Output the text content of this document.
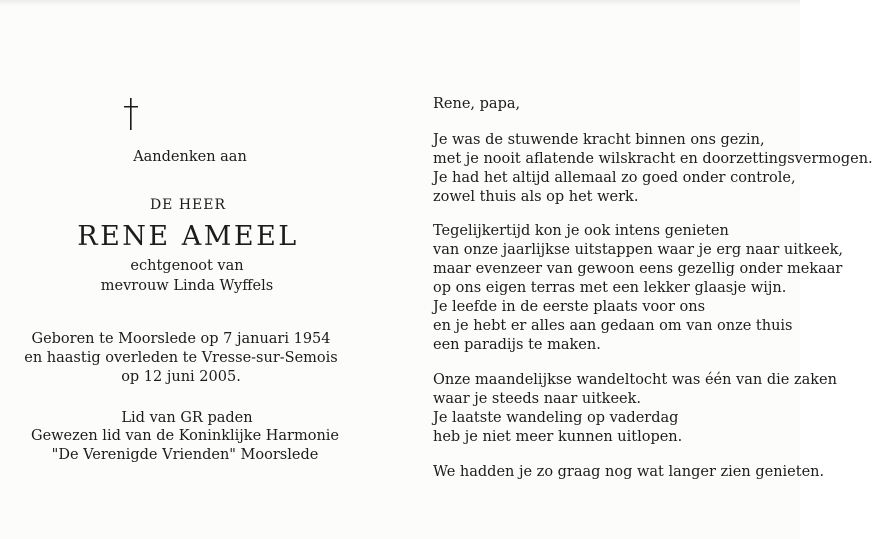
Aandenken aan
DE HEER
RENE AMEEL
echtgenoot van
mevrouw Linda Wyffels
Geboren te Moorslede op 7 januari 1954
en haastig overleden te Vresse-sur-Semois
op 12 juni 2005.
Lid van GR paden
Gewezen lid van de Koninklijke Harmonie
"De Verenigde Vrienden" Moorslede
Rene, papa,
Je was de stuwende kracht binnen ons gezin,
met je nooit aflatende wilskracht en doorzettingsvermogen.
Je had het altijd allemaal zo goed onder controle,
zowel thuis als op het werk.
Tegelijkertijd kon je ook intens genieten
van onze jaarlijkse uitstappen waar je erg naar uitkeek,
maar evenzeer van gewoon eens gezellig onder mekaar
op ons eigen terras met een lekker glaasje wijn.
Je leefde in de eerste plaats voor ons
en je hebt er alles aan gedaan om van onze thuis
een paradijs te maken.
Onze maandelijkse wandeltocht was één van die zaken
waar je steeds naar uitkeek.
Je laatste wandeling op vaderdag
heb je niet meer kunnen uitlopen.
We hadden je zo graag nog wat langer zien genieten.
